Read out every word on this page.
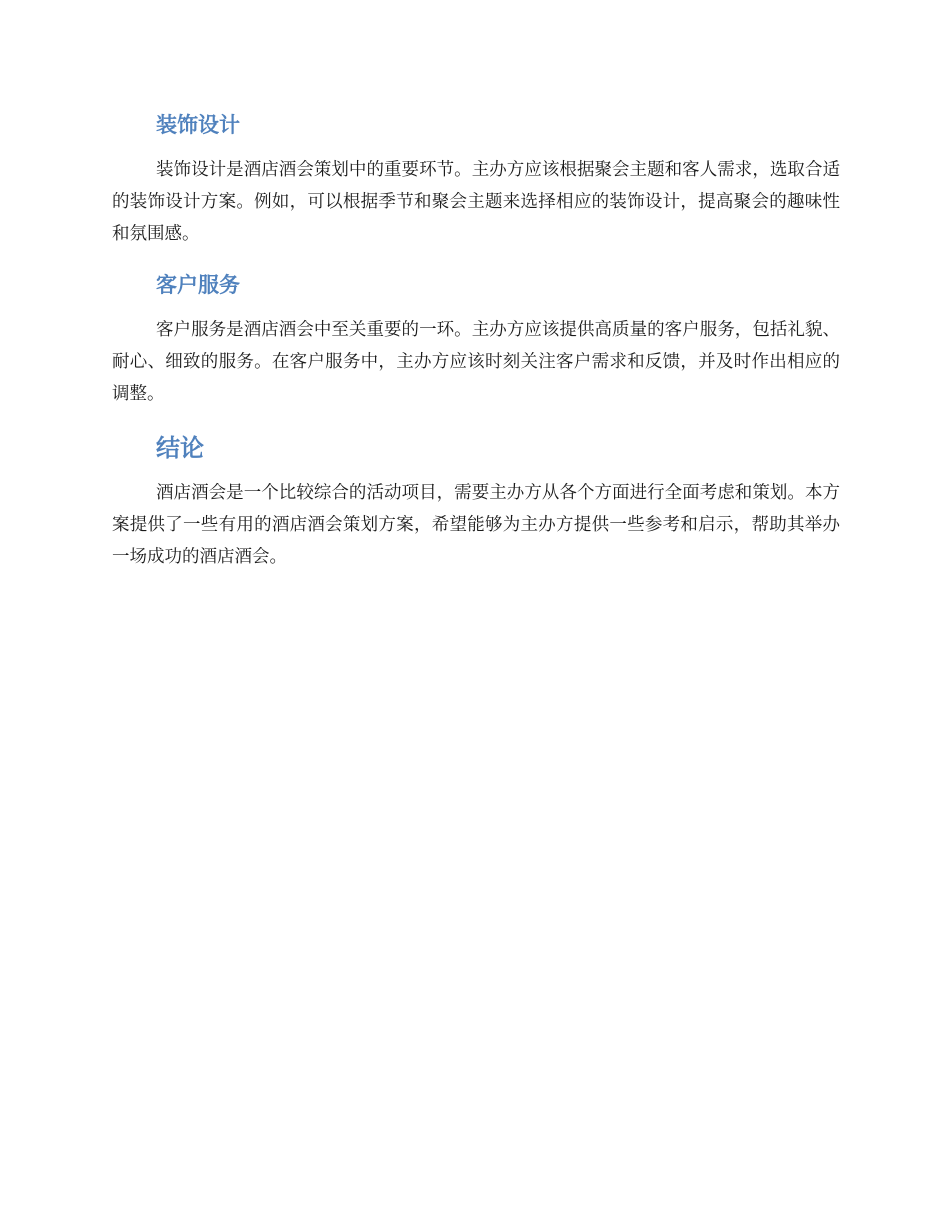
装饰设计

装饰设计是酒店酒会策划中的重要环节。主办方应该根据聚会主题和客人需求，选取合适的装饰设计方案。例如，可以根据季节和聚会主题来选择相应的装饰设计，提高聚会的趣味性和氛围感。

客户服务

客户服务是酒店酒会中至关重要的一环。主办方应该提供高质量的客户服务，包括礼貌、耐心、细致的服务。在客户服务中，主办方应该时刻关注客户需求和反馈，并及时作出相应的调整。

结论

酒店酒会是一个比较综合的活动项目，需要主办方从各个方面进行全面考虑和策划。本方案提供了一些有用的酒店酒会策划方案，希望能够为主办方提供一些参考和启示，帮助其举办一场成功的酒店酒会。
